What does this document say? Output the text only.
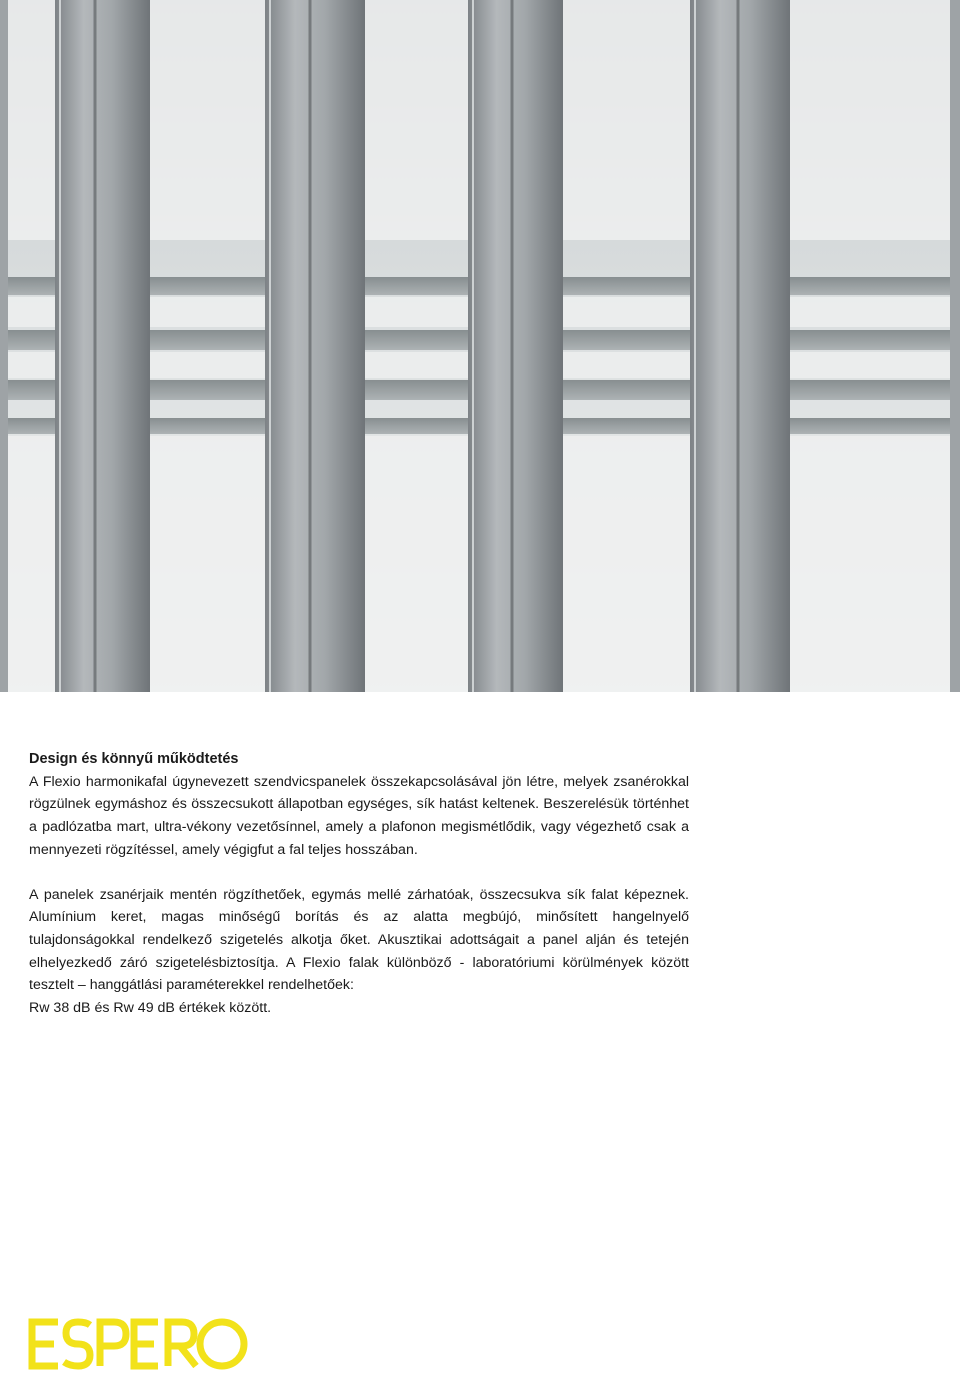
Design és könnyű működtetés

A Flexio harmonikafal úgynevezett szendvicspanelek összekapcsolásával jön létre, melyek zsanérokkal rögzülnek egymáshoz és összecsukott állapotban egységes, sík hatást keltenek. Beszerelésük történhet a padlózatba mart, ultra-vékony vezetősínnel, amely a plafonon megismétlődik, vagy végezhető csak a mennyezeti rögzítéssel, amely végigfut a fal teljes hosszában.

A panelek zsanérjaik mentén rögzíthetőek, egymás mellé zárhatóak, összecsukva sík falat képeznek. Alumínium keret, magas minőségű borítás és az alatta megbújó, minősített hangelnyelő tulajdonságokkal rendelkező szigetelés alkotja őket. Akusztikai adottságait a panel alján és tetején elhelyezkedő záró szigetelésbiztosítja. A Flexio falak különböző - laboratóriumi körülmények között tesztelt – hanggátlási paraméterekkel rendelhetőek:
Rw 38 dB és Rw 49 dB értékek között.
